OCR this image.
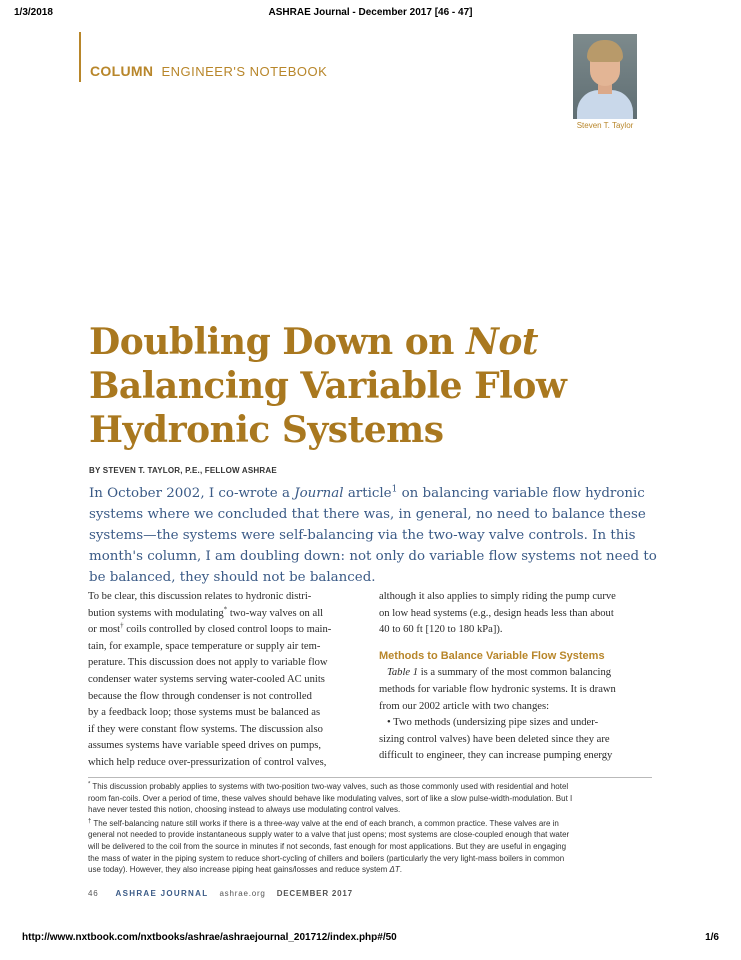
1/3/2018	ASHRAE Journal - December 2017 [46 - 47]
COLUMN ENGINEER'S NOTEBOOK
Steven T. Taylor
Doubling Down on Not
Balancing Variable Flow
Hydronic Systems
BY STEVEN T. TAYLOR, P.E., FELLOW ASHRAE
In October 2002, I co-wrote a Journal article$^1$ on balancing variable flow hydronic
systems where we concluded that there was, in general, no need to balance these
systems—the systems were self-balancing via the two-way valve controls. In this
month's column, I am doubling down: not only do variable flow systems not need to
be balanced, they should not be balanced.
To be clear, this discussion relates to hydronic distri-
bution systems with modulating* two-way valves on all
or most† coils controlled by closed control loops to main-
tain, for example, space temperature or supply air tem-
perature. This discussion does not apply to variable flow
condenser water systems serving water-cooled AC units
because the flow through condenser is not controlled
by a feedback loop; those systems must be balanced as
if they were constant flow systems. The discussion also
assumes systems have variable speed drives on pumps,
which help reduce over-pressurization of control valves,
although it also applies to simply riding the pump curve
on low head systems (e.g., design heads less than about
40 to 60 ft [120 to 180 kPa]).
Methods to Balance Variable Flow Systems
Table 1 is a summary of the most common balancing
methods for variable flow hydronic systems. It is drawn
from our 2002 article with two changes:
• Two methods (undersizing pipe sizes and under-
sizing control valves) have been deleted since they are
difficult to engineer, they can increase pumping energy
* This discussion probably applies to systems with two-position two-way valves, such as those commonly used with residential and hotel
room fan-coils. Over a period of time, these valves should behave like modulating valves, sort of like a slow pulse-width-modulation. But I
have never tested this notion, choosing instead to always use modulating control valves.
† The self-balancing nature still works if there is a three-way valve at the end of each branch, a common practice. These valves are in
general not needed to provide instantaneous supply water to a valve that just opens; most systems are close-coupled enough that water
will be delivered to the coil from the source in minutes if not seconds, fast enough for most applications. But they are useful in engaging
the mass of water in the piping system to reduce short-cycling of chillers and boilers (particularly the very light-mass boilers in common
use today). However, they also increase piping heat gains/losses and reduce system ΔT.
46 ASHRAE JOURNAL ashrae.org DECEMBER 2017
http://www.nxtbook.com/nxtbooks/ashrae/ashraejournal_201712/index.php#/50	1/6
